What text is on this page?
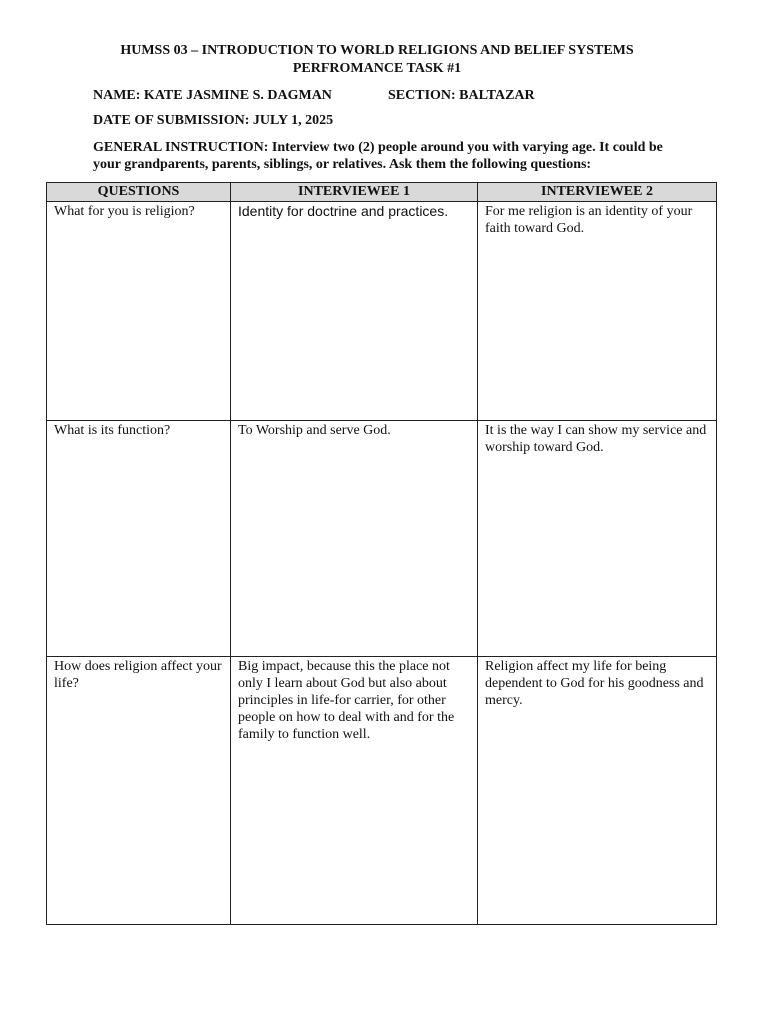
HUMSS 03 – INTRODUCTION TO WORLD RELIGIONS AND BELIEF SYSTEMS
PERFROMANCE TASK #1
NAME: KATE JASMINE S. DAGMAN	SECTION: BALTAZAR
DATE OF SUBMISSION: JULY 1, 2025
GENERAL INSTRUCTION: Interview two (2) people around you with varying age. It could be your grandparents, parents, siblings, or relatives. Ask them the following questions:
QUESTIONS	INTERVIEWEE 1	INTERVIEWEE 2
What for you is religion?	Identity for doctrine and practices.	For me religion is an identity of your faith toward God.
What is its function?	To Worship and serve God.	It is the way I can show my service and worship toward God.
How does religion affect your life?	Big impact, because this the place not only I learn about God but also about principles in life-for carrier, for other people on how to deal with and for the family to function well.	Religion affect my life for being dependent to God for his goodness and mercy.
